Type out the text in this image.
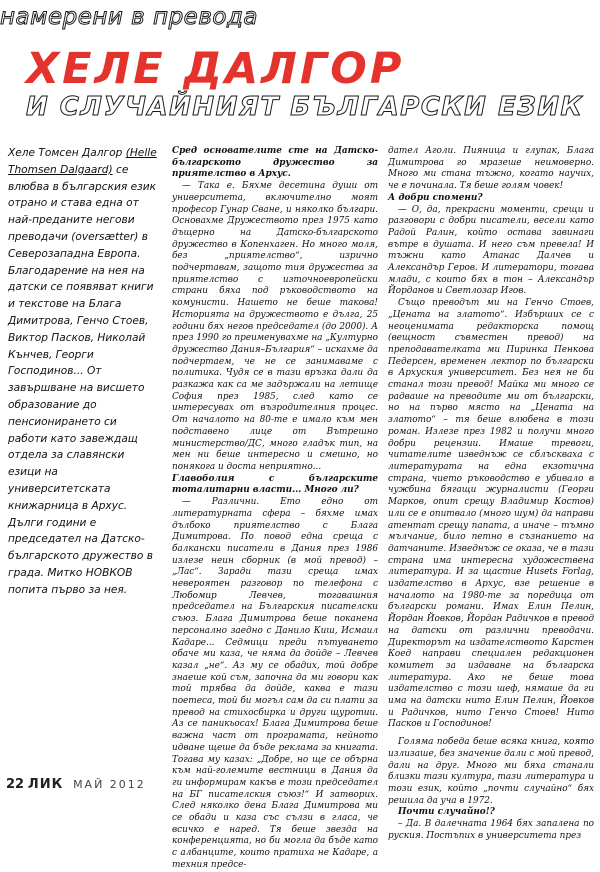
намерени в превода
ХЕЛЕ ДАЛГОР
И СЛУЧАЙНИЯТ БЪЛГАРСКИ ЕЗИК

Хеле Томсен Далгор (Helle Thomsen Dalgaard) се влюбва в българския език отрано и става една от най-преданите негови преводачи (oversætter) в Северозападна Европа. Благодарение на нея на датски се появяват книги и текстове на Блага Димитрова, Генчо Стоев, Виктор Пасков, Николай Кънчев, Георги Господинов... От завършване на висшето образование до пенсионирането си работи като завеждащ отдела за славянски езици на университетската книжарница в Архус. Дълги години е председател на Датско-българското дружество в града. Митко НОВКОВ попита първо за нея.

Сред основателите сте на Датско-българското дружество за приятелство в Архус.

— Така е. Бяхме десетина души от университета, включително моят професор Гунар Сване, и няколко българи. Основахме Дружеството през 1975 като дъщерно на Датско-българското дружество в Копенхаген. Но много моля, без „приятелство“, изрично подчертавам, защото тия дружества за приятелство с източноевропейски страни бяха под ръководството на комунисти. Нашето не беше такова! Историята на дружеството е дълга, 25 години бях негов председател (до 2000). А през 1990 го преименувахме на „Културно дружество Дания–България“ – искахме да подчертаем, че не се занимаваме с политика. Чудя се в тази връзка дали да разкажа как са ме задържали на летище София през 1985, след като се интересувах от възродителния процес. От началото на 80-те е имало към мен подставено лице от Вътрешно министерство/ДС, много гладък тип, на мен ни беше интересно и смешно, но понякога и доста неприятно...

Главоболия с българските тоталитарни власти... Много ли?

— Различни. Ето едно от литературната сфера – бяхме имах дълбоко приятелство с Блага Димитрова. По повод една среща с балкански писатели в Дания през 1986 излезе неин сборник (в мой превод) – „Лас“. Заради тази среща имах невероятен разговор по телефона с Любомир Левчев, тогавашния председател на Българския писателски съюз. Блага Димитрова беше поканена персонално заедно с Данило Киш, Исмаил Кадаре... Седмици преди пътуването обаче ми каза, че няма да дойде – Левчев казал „не“. Аз му се обадих, той добре знаеше кой съм, започна да ми говори как той трябва да дойде, каква е тази поетеса, той би могъл сам да си плати за превод на стихосбирка и други щуротии. Аз се паникьосах! Блага Димитрова беше важна част от програмата, нейното идване щеше да бъде реклама за книгата. Тогава му казах: „Добре, но ще се обърна към най-големите вестници в Дания да ги информирам какъв е този председател на БГ писателския съюз!“ И затворих. След няколко дена Блага Димитрова ми се обади и каза със сълзи в гласа, че всичко е наред. Тя беше звезда на конференцията, но би могла да бъде като с албанците, които пратиха не Кадаре, а техния предсе-

дател Аголи. Пияница и глупак, Блага Димитрова го мразеше неимоверно. Много ми стана тъжно, когато научих, че е починала. Тя беше голям човек!

А добри спомени?

— О, да, прекрасни моменти, срещи и разговори с добри писатели, весели като Радой Ралин, който остава завинаги вътре в душата. И него съм превела! И тъжни като Атанас Далчев и Александър Геров. И литератори, тогава млади, с които бях в тон – Александър Йорданов и Светлозар Игов.

Също преводът ми на Генчо Стоев, „Цената на златото“. Избърших се с неоценимата редакторска помощ (вещност съвместен превод) на преподавателката ми Пиринка Пенкова Педерсен, временен лектор по български в Архуския университет. Без нея не би станал този превод! Майка ми много се радваше на преводите ми от български, но на първо място на „Цената на златото“ – тя беше влюбена в този роман. Излезе през 1982 и получи много добри рецензии. Имаше тревоги, читателите изведнъж се сблъскваха с литературата на една екзотична страна, чието ръководство е убивало в чужбина бягащи журналисти (Георги Марков, опит срещу Владимир Костов) или се е опитвало (много шум) да направи атентат срещу папата, а иначе – тъмно мълчание, било петно в съзнанието на датчаните. Изведнъж се оказа, че в тази страна има интересна художествена литература. И за щастие Husets Forlag, издателство в Архус, взе решение в началото на 1980-те за поредица от български романи. Имах Елин Пелин, Йордан Йовков, Йордан Радичков в превод на датски от различни преводачи. Директорът на издателството Карстен Коед направи специален редакционен комитет за издаване на българска литература. Ако не беше това издателство с този шеф, нямаше да ги има на датски нито Елин Пелин, Йовков и Радичков, нито Генчо Стоев! Нито Пасков и Господинов!

Голяма победа беше всяка книга, която излизаше, без значение дали с мой превод, дали на друг. Много ми бяха станали близки тази култура, тази литература и този език, който „почти случайно“ бях решила да уча в 1972.

Почти случайно!?

– Да. В далечната 1964 бях запалена по руския. Постъпих в университета през

22 ЛИК МАЙ 2012
